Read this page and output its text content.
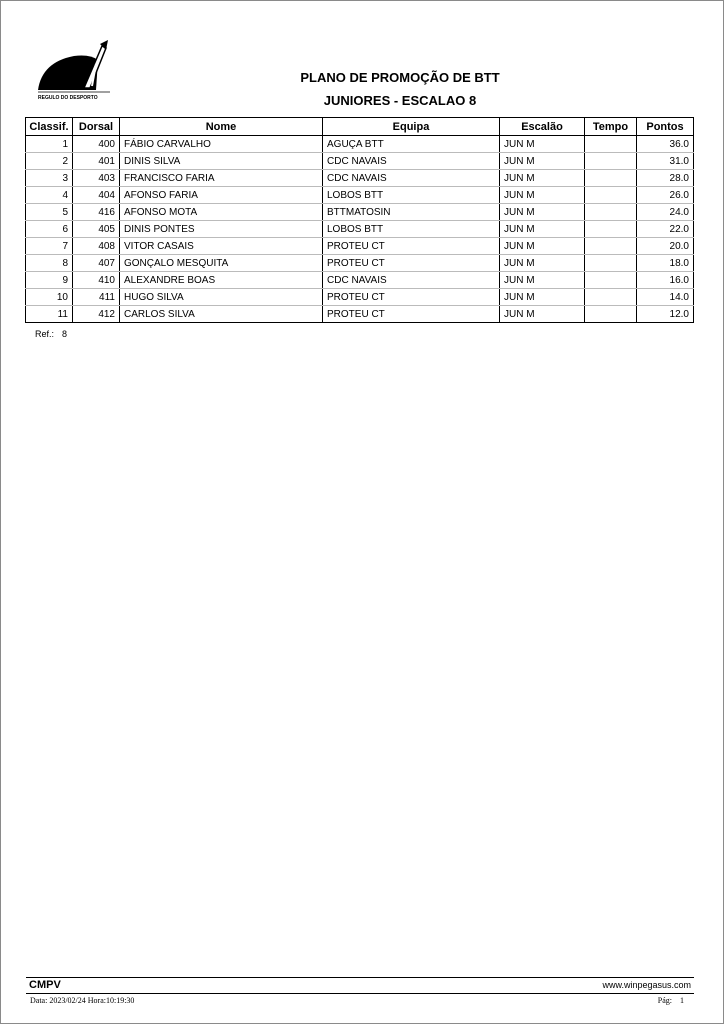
REGULO DO DESPORTO
PLANO DE PROMOÇÃO DE BTT
JUNIORES - ESCALAO 8
Classif.	Dorsal	Nome	Equipa	Escalão	Tempo	Pontos
1	400	FÁBIO CARVALHO	AGUÇA BTT	JUN M		36.0
2	401	DINIS SILVA	CDC NAVAIS	JUN M		31.0
3	403	FRANCISCO FARIA	CDC NAVAIS	JUN M		28.0
4	404	AFONSO FARIA	LOBOS BTT	JUN M		26.0
5	416	AFONSO MOTA	BTTMATOSIN	JUN M		24.0
6	405	DINIS PONTES	LOBOS BTT	JUN M		22.0
7	408	VITOR CASAIS	PROTEU CT	JUN M		20.0
8	407	GONÇALO MESQUITA	PROTEU CT	JUN M		18.0
9	410	ALEXANDRE BOAS	CDC NAVAIS	JUN M		16.0
10	411	HUGO SILVA	PROTEU CT	JUN M		14.0
11	412	CARLOS SILVA	PROTEU CT	JUN M		12.0
Ref.: 8
CMPV	www.winpegasus.com
Data: 2023/02/24 Hora:10:19:30	Pág: 1
